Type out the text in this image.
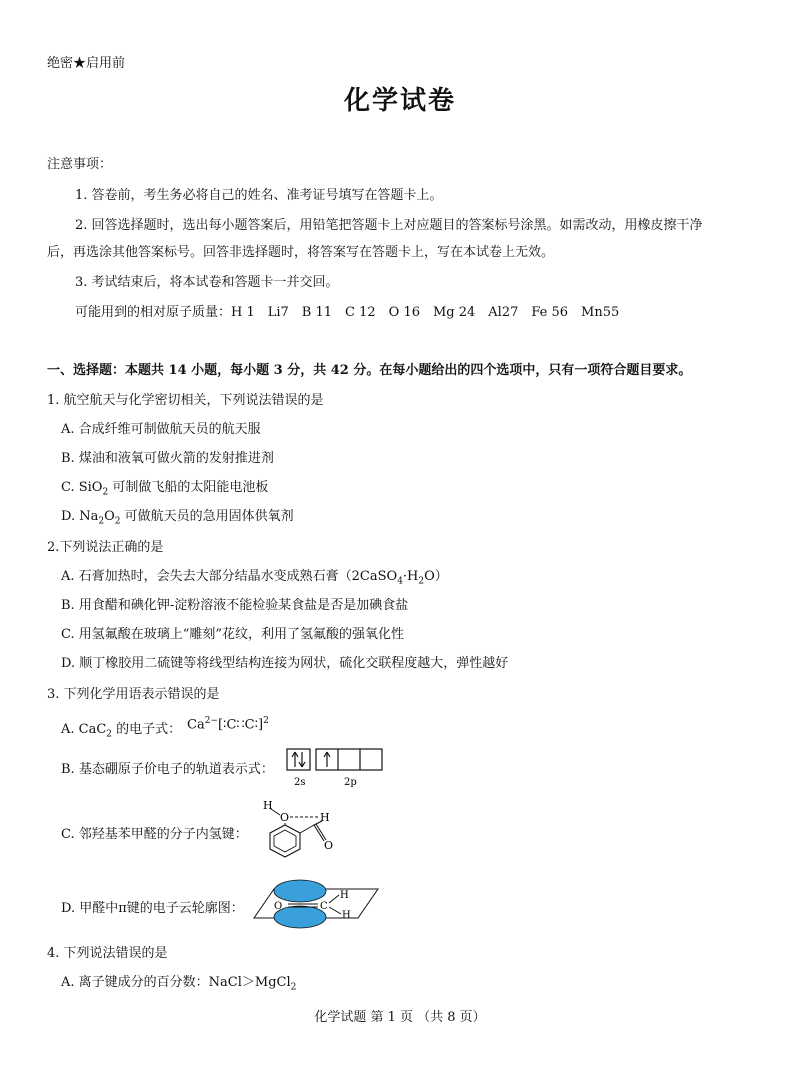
绝密★启用前
化学试卷
注意事项：
1. 答卷前，考生务必将自己的姓名、准考证号填写在答题卡上。
2. 回答选择题时，选出每小题答案后，用铅笔把答题卡上对应题目的答案标号涂黑。如需改动，用橡皮擦干净
后，再选涂其他答案标号。回答非选择题时，将答案写在答题卡上，写在本试卷上无效。
3. 考试结束后，将本试卷和答题卡一并交回。
可能用到的相对原子质量：H 1　Li7　B 11　C 12　O 16　Mg 24　Al27　Fe 56　Mn55
一、选择题：本题共 14 小题，每小题 3 分，共 42 分。在每小题给出的四个选项中，只有一项符合题目要求。
1. 航空航天与化学密切相关，下列说法错误的是
A. 合成纤维可制做航天员的航天服
B. 煤油和液氧可做火箭的发射推进剂
C. SiO$_2$ 可制做飞船的太阳能电池板
D. $Na_2O_2$ 可做航天员的急用固体供氧剂
2.下列说法正确的是
A. 石膏加热时，会失去大部分结晶水变成熟石膏$(2CaSO_4\cdot H_2O)$
B. 用食醋和碘化钾-淀粉溶液不能检验某食盐是否是加碘食盐
C. 用氢氟酸在玻璃上“雕刻”花纹，利用了氢氟酸的强氧化性
D. 顺丁橡胶用二硫键等将线型结构连接为网状，硫化交联程度越大，弹性越好
3. 下列化学用语表示错误的是
A. CaC$_2$ 的电子式： $Ca^{2-}[∶C∷C∶]^2$
B. 基态硼原子价电子的轨道表示式：
2s	2p
C. 邻羟基苯甲醛的分子内氢键：
H
O	H
O
D. 甲醛中π键的电子云轮廓图：	O	C
H
H
4. 下列说法错误的是
A. 离子键成分的百分数：NaCl＞MgCl$_2$
化学试题 第 1 页 （共 8 页）
